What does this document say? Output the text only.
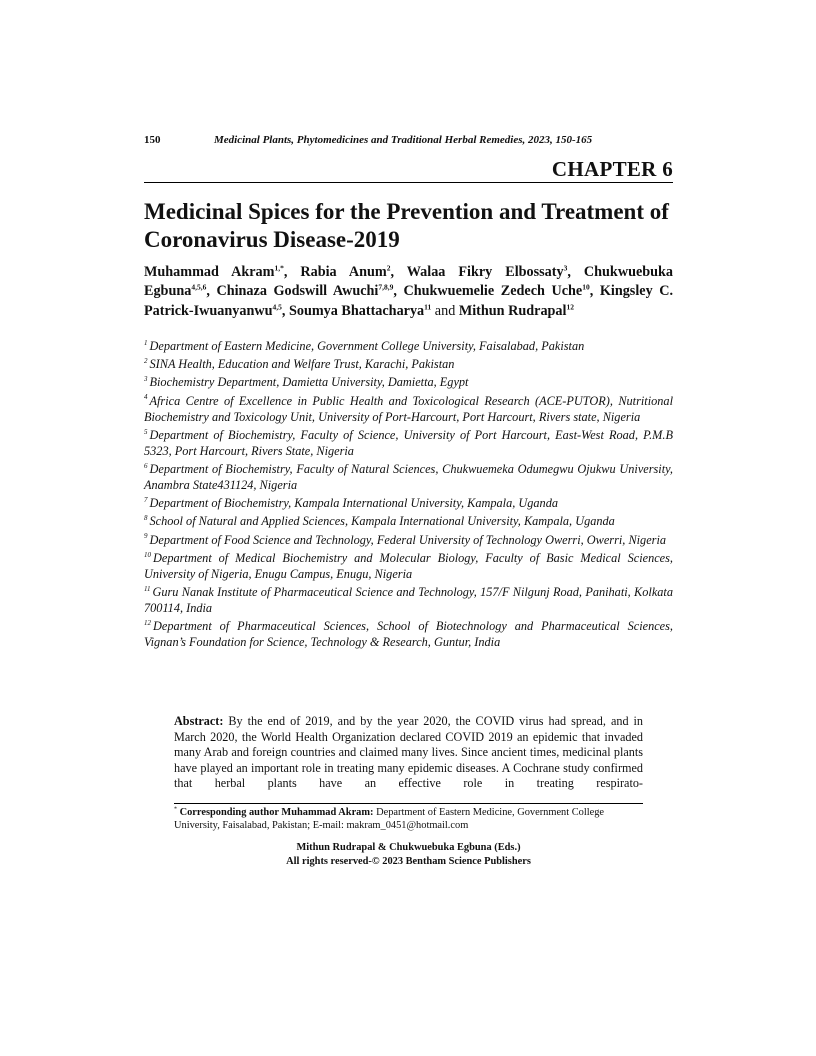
150	Medicinal Plants, Phytomedicines and Traditional Herbal Remedies, 2023, 150-165
CHAPTER 6
Medicinal Spices for the Prevention and Treatment of Coronavirus Disease-2019
Muhammad Akram$^{1,*}$, Rabia Anum$^2$, Walaa Fikry Elbossaty$^3$, Chukwuebuka Egbuna$^{4,5,6}$, Chinaza Godswill Awuchi$^{7,8,9}$, Chukwuemelie Zedech Uche$^{10}$, Kingsley C. Patrick-Iwuanyanwu$^{4,5}$, Soumya Bhattacharya$^{11}$ and Mithun Rudrapal$^{12}$

$^1$ Department of Eastern Medicine, Government College University, Faisalabad, Pakistan

$^2$ SINA Health, Education and Welfare Trust, Karachi, Pakistan

$^3$ Biochemistry Department, Damietta University, Damietta, Egypt

$^4$ Africa Centre of Excellence in Public Health and Toxicological Research (ACE-PUTOR), Nutritional Biochemistry and Toxicology Unit, University of Port-Harcourt, Port Harcourt, Rivers state, Nigeria

$^5$ Department of Biochemistry, Faculty of Science, University of Port Harcourt, East-West Road, P.M.B 5323, Port Harcourt, Rivers State, Nigeria

$^6$ Department of Biochemistry, Faculty of Natural Sciences, Chukwuemeka Odumegwu Ojukwu University, Anambra State431124, Nigeria

$^7$ Department of Biochemistry, Kampala International University, Kampala, Uganda

$^8$ School of Natural and Applied Sciences, Kampala International University, Kampala, Uganda

$^9$ Department of Food Science and Technology, Federal University of Technology Owerri, Owerri, Nigeria

$^{10}$ Department of Medical Biochemistry and Molecular Biology, Faculty of Basic Medical Sciences, University of Nigeria, Enugu Campus, Enugu, Nigeria

$^{11}$ Guru Nanak Institute of Pharmaceutical Science and Technology, 157/F Nilgunj Road, Panihati, Kolkata 700114, India

$^{12}$ Department of Pharmaceutical Sciences, School of Biotechnology and Pharmaceutical Sciences, Vignan’s Foundation for Science, Technology & Research, Guntur, India

Abstract: By the end of 2019, and by the year 2020, the COVID virus had spread, and in March 2020, the World Health Organization declared COVID 2019 an epidemic that invaded many Arab and foreign countries and claimed many lives. Since ancient times, medicinal plants have played an important role in treating many epidemic diseases. A Cochrane study confirmed that herbal plants have an effective role in treating respirato-
* Corresponding author Muhammad Akram: Department of Eastern Medicine, Government College University, Faisalabad, Pakistan; E-mail: makram_0451@hotmail.com
Mithun Rudrapal & Chukwuebuka Egbuna (Eds.)
All rights reserved-© 2023 Bentham Science Publishers
